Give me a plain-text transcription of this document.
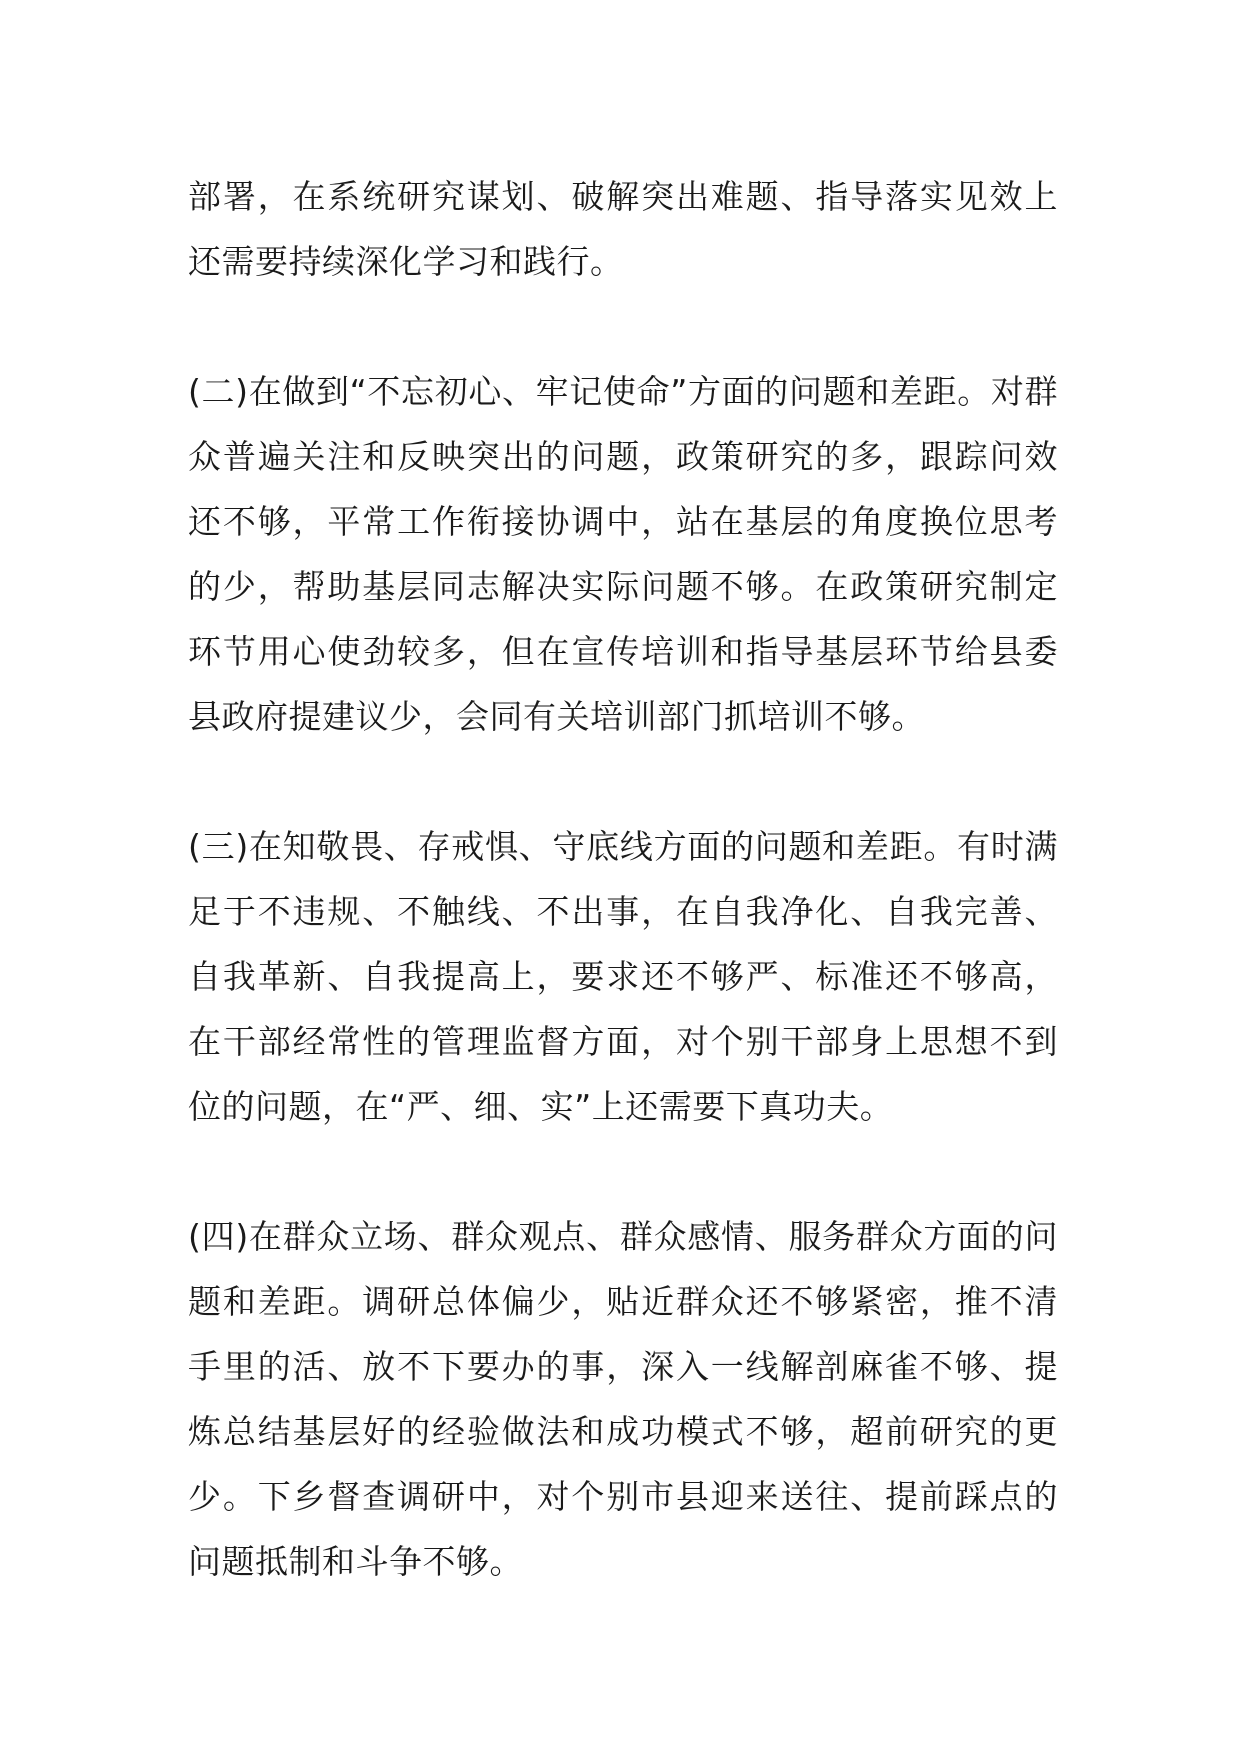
部署，在系统研究谋划、破解突出难题、指导落实见效上还需要持续深化学习和践行。

(二)在做到“不忘初心、牢记使命”方面的问题和差距。对群众普遍关注和反映突出的问题，政策研究的多，跟踪问效还不够，平常工作衔接协调中，站在基层的角度换位思考的少，帮助基层同志解决实际问题不够。在政策研究制定环节用心使劲较多，但在宣传培训和指导基层环节给县委县政府提建议少，会同有关培训部门抓培训不够。

(三)在知敬畏、存戒惧、守底线方面的问题和差距。有时满足于不违规、不触线、不出事，在自我净化、自我完善、自我革新、自我提高上，要求还不够严、标准还不够高，在干部经常性的管理监督方面，对个别干部身上思想不到位的问题，在“严、细、实”上还需要下真功夫。

(四)在群众立场、群众观点、群众感情、服务群众方面的问题和差距。调研总体偏少，贴近群众还不够紧密，推不清手里的活、放不下要办的事，深入一线解剖麻雀不够、提炼总结基层好的经验做法和成功模式不够，超前研究的更少。下乡督查调研中，对个别市县迎来送往、提前踩点的问题抵制和斗争不够。
